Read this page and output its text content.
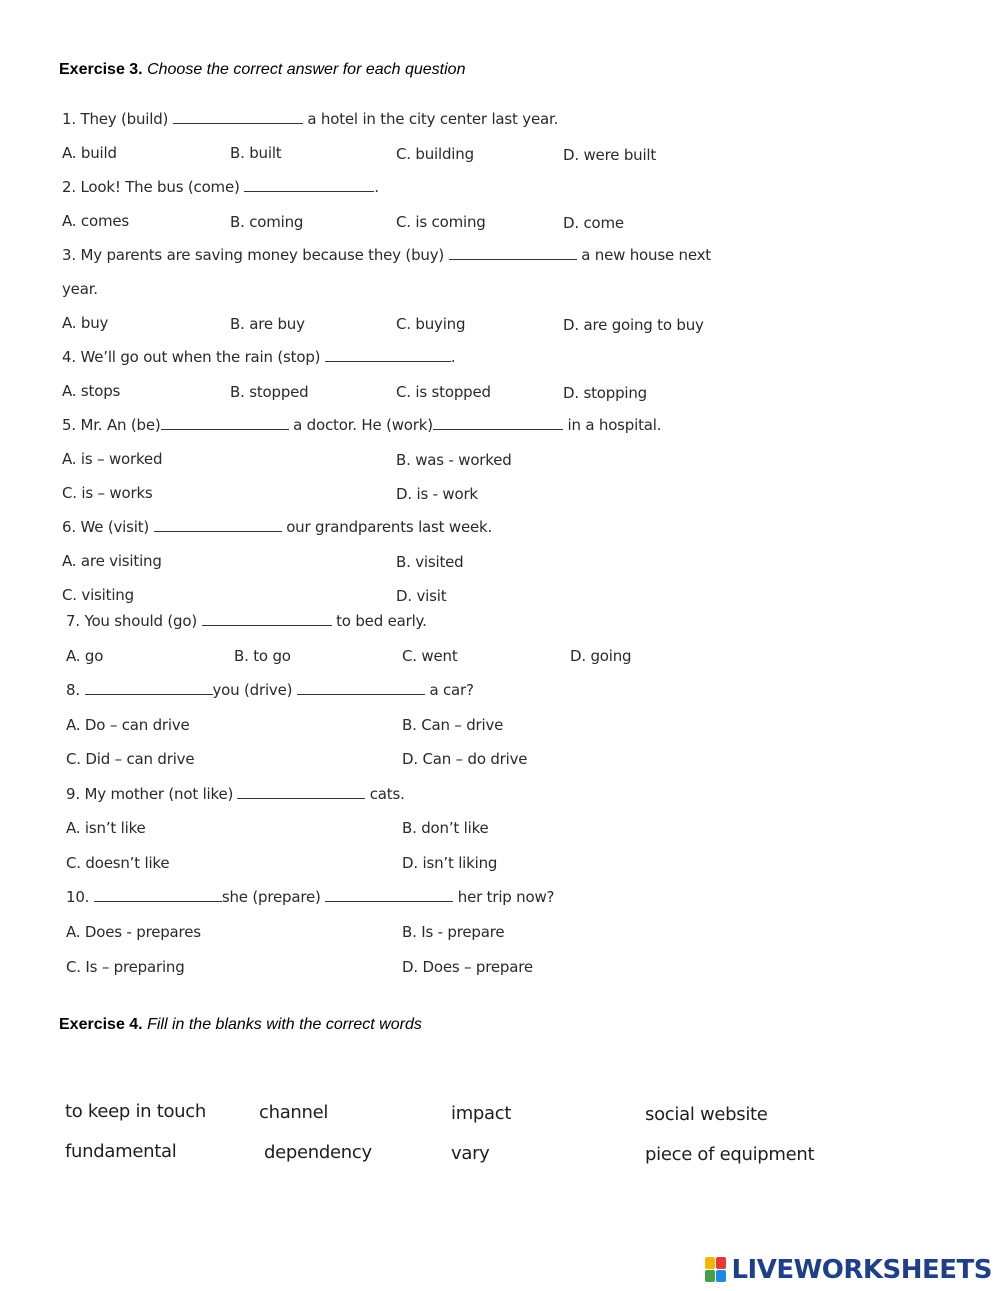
Exercise 3. Choose the correct answer for each question
1. They (build)	a hotel in the city center last year.
A. build	B. built	C. building	D. were built
2. Look! The bus (come)	.
A. comes	B. coming	C. is coming	D. come
3. My parents are saving money because they (buy)	a new house next
year.
A. buy	B. are buy	C. buying	D. are going to buy
4. We’ll go out when the rain (stop)	.
A. stops	B. stopped	C. is stopped	D. stopping
5. Mr. An (be)	a doctor. He (work)	in a hospital.
A. is – worked	B. was - worked
C. is – works	D. is - work
6. We (visit)	our grandparents last week.
A. are visiting	B. visited
C. visiting	D. visit
7. You should (go)	to bed early.
A. go	B. to go	C. went	D. going
8.	you (drive)	a car?
A. Do – can drive	B. Can – drive
C. Did – can drive	D. Can – do drive
9. My mother (not like)	cats.
A. isn’t like	B. don’t like
C. doesn’t like	D. isn’t liking
10.	she (prepare)	her trip now?
A. Does - prepares	B. Is - prepare
C. Is – preparing	D. Does – prepare
Exercise 4. Fill in the blanks with the correct words
to keep in touch	channel	impact	social website
fundamental	dependency	vary	piece of equipment
LIVEWORKSHEETS
